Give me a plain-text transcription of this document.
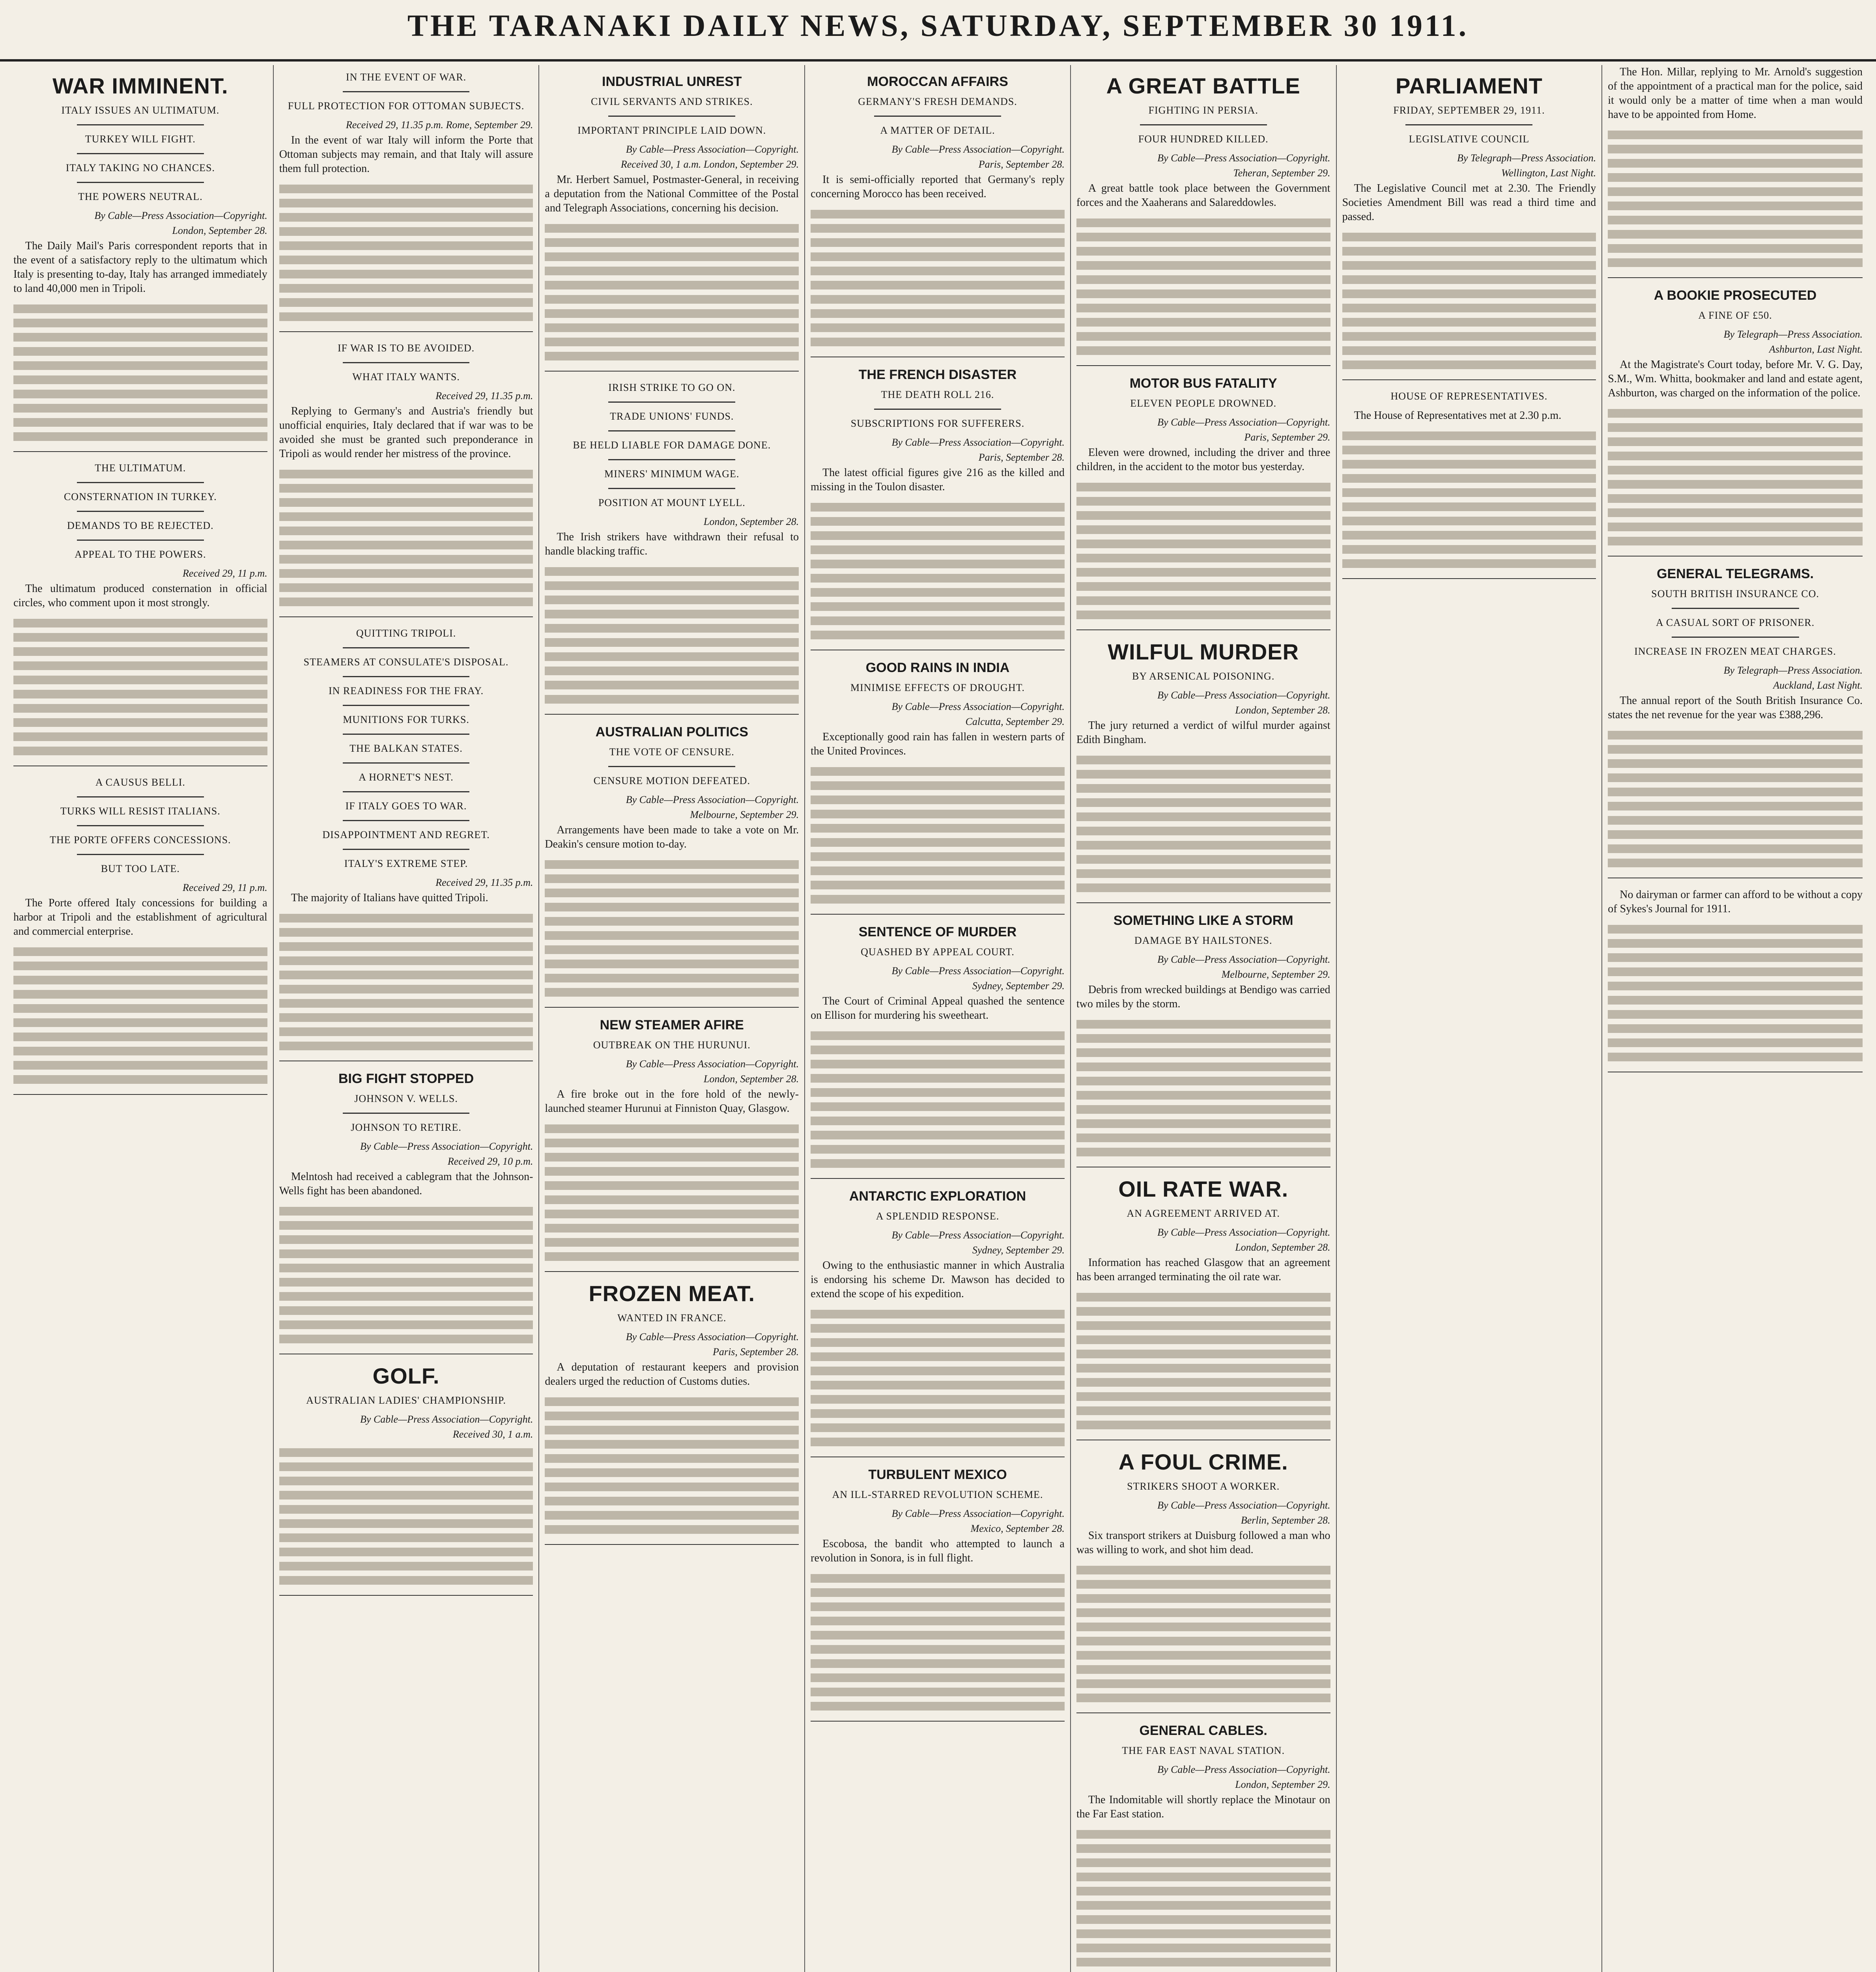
THE TARANAKI DAILY NEWS, SATURDAY, SEPTEMBER 30 1911.
WAR IMMINENT.
ITALY ISSUES AN ULTIMATUM.
TURKEY WILL FIGHT.
ITALY TAKING NO CHANCES.
THE POWERS NEUTRAL.
By Cable—Press Association—Copyright.
London, September 28.

The Daily Mail's Paris correspondent reports that in the event of a satisfactory reply to the ultimatum which Italy is presenting to-day, Italy has arranged immediately to land 40,000 men in Tripoli.

THE ULTIMATUM.
CONSTERNATION IN TURKEY.
DEMANDS TO BE REJECTED.
APPEAL TO THE POWERS.
Received 29, 11 p.m.

The ultimatum produced consternation in official circles, who comment upon it most strongly.

A CAUSUS BELLI.
TURKS WILL RESIST ITALIANS.
THE PORTE OFFERS CONCESSIONS.
BUT TOO LATE.
Received 29, 11 p.m.

The Porte offered Italy concessions for building a harbor at Tripoli and the establishment of agricultural and commercial enterprise.

IN THE EVENT OF WAR.
FULL PROTECTION FOR OTTOMAN SUBJECTS.
Received 29, 11.35 p.m. Rome, September 29.

In the event of war Italy will inform the Porte that Ottoman subjects may remain, and that Italy will assure them full protection.

IF WAR IS TO BE AVOIDED.
WHAT ITALY WANTS.
Received 29, 11.35 p.m.

Replying to Germany's and Austria's friendly but unofficial enquiries, Italy declared that if war was to be avoided she must be granted such preponderance in Tripoli as would render her mistress of the province.

QUITTING TRIPOLI.
STEAMERS AT CONSULATE'S DISPOSAL.
IN READINESS FOR THE FRAY.
MUNITIONS FOR TURKS.
THE BALKAN STATES.
A HORNET'S NEST.
IF ITALY GOES TO WAR.
DISAPPOINTMENT AND REGRET.
ITALY'S EXTREME STEP.
Received 29, 11.35 p.m.

The majority of Italians have quitted Tripoli.

BIG FIGHT STOPPED
JOHNSON V. WELLS.
JOHNSON TO RETIRE.
By Cable—Press Association—Copyright.
Received 29, 10 p.m.

Melntosh had received a cablegram that the Johnson-Wells fight has been abandoned.

GOLF.
AUSTRALIAN LADIES' CHAMPIONSHIP.
By Cable—Press Association—Copyright.
Received 30, 1 a.m.
INDUSTRIAL UNREST
CIVIL SERVANTS AND STRIKES.
IMPORTANT PRINCIPLE LAID DOWN.
By Cable—Press Association—Copyright.
Received 30, 1 a.m. London, September 29.

Mr. Herbert Samuel, Postmaster-General, in receiving a deputation from the National Committee of the Postal and Telegraph Associations, concerning his decision.

IRISH STRIKE TO GO ON.
TRADE UNIONS' FUNDS.
BE HELD LIABLE FOR DAMAGE DONE.
MINERS' MINIMUM WAGE.
POSITION AT MOUNT LYELL.
London, September 28.

The Irish strikers have withdrawn their refusal to handle blacking traffic.

AUSTRALIAN POLITICS
THE VOTE OF CENSURE.
CENSURE MOTION DEFEATED.
By Cable—Press Association—Copyright.
Melbourne, September 29.

Arrangements have been made to take a vote on Mr. Deakin's censure motion to-day.

NEW STEAMER AFIRE
OUTBREAK ON THE HURUNUI.
By Cable—Press Association—Copyright.
London, September 28.

A fire broke out in the fore hold of the newly-launched steamer Hurunui at Finniston Quay, Glasgow.

FROZEN MEAT.
WANTED IN FRANCE.
By Cable—Press Association—Copyright.
Paris, September 28.

A deputation of restaurant keepers and provision dealers urged the reduction of Customs duties.

MOROCCAN AFFAIRS
GERMANY'S FRESH DEMANDS.
A MATTER OF DETAIL.
By Cable—Press Association—Copyright.
Paris, September 28.

It is semi-officially reported that Germany's reply concerning Morocco has been received.

THE FRENCH DISASTER
THE DEATH ROLL 216.
SUBSCRIPTIONS FOR SUFFERERS.
By Cable—Press Association—Copyright.
Paris, September 28.

The latest official figures give 216 as the killed and missing in the Toulon disaster.

GOOD RAINS IN INDIA
MINIMISE EFFECTS OF DROUGHT.
By Cable—Press Association—Copyright.
Calcutta, September 29.

Exceptionally good rain has fallen in western parts of the United Provinces.

SENTENCE OF MURDER
QUASHED BY APPEAL COURT.
By Cable—Press Association—Copyright.
Sydney, September 29.

The Court of Criminal Appeal quashed the sentence on Ellison for murdering his sweetheart.

ANTARCTIC EXPLORATION
A SPLENDID RESPONSE.
By Cable—Press Association—Copyright.
Sydney, September 29.

Owing to the enthusiastic manner in which Australia is endorsing his scheme Dr. Mawson has decided to extend the scope of his expedition.

TURBULENT MEXICO
AN ILL-STARRED REVOLUTION SCHEME.
By Cable—Press Association—Copyright.
Mexico, September 28.

Escobosa, the bandit who attempted to launch a revolution in Sonora, is in full flight.

A GREAT BATTLE
FIGHTING IN PERSIA.
FOUR HUNDRED KILLED.
By Cable—Press Association—Copyright.
Teheran, September 29.

A great battle took place between the Government forces and the Xaaherans and Salareddowles.

MOTOR BUS FATALITY
ELEVEN PEOPLE DROWNED.
By Cable—Press Association—Copyright.
Paris, September 29.

Eleven were drowned, including the driver and three children, in the accident to the motor bus yesterday.

WILFUL MURDER
BY ARSENICAL POISONING.
By Cable—Press Association—Copyright.
London, September 28.

The jury returned a verdict of wilful murder against Edith Bingham.

SOMETHING LIKE A STORM
DAMAGE BY HAILSTONES.
By Cable—Press Association—Copyright.
Melbourne, September 29.

Debris from wrecked buildings at Bendigo was carried two miles by the storm.

OIL RATE WAR.
AN AGREEMENT ARRIVED AT.
By Cable—Press Association—Copyright.
London, September 28.

Information has reached Glasgow that an agreement has been arranged terminating the oil rate war.

A FOUL CRIME.
STRIKERS SHOOT A WORKER.
By Cable—Press Association—Copyright.
Berlin, September 28.

Six transport strikers at Duisburg followed a man who was willing to work, and shot him dead.

GENERAL CABLES.
THE FAR EAST NAVAL STATION.
By Cable—Press Association—Copyright.
London, September 29.

The Indomitable will shortly replace the Minotaur on the Far East station.

PARLIAMENT
FRIDAY, SEPTEMBER 29, 1911.
LEGISLATIVE COUNCIL
By Telegraph—Press Association.
Wellington, Last Night.

The Legislative Council met at 2.30. The Friendly Societies Amendment Bill was read a third time and passed.

HOUSE OF REPRESENTATIVES.

The House of Representatives met at 2.30 p.m.

The Hon. Millar, replying to Mr. Arnold's suggestion of the appointment of a practical man for the police, said it would only be a matter of time when a man would have to be appointed from Home.

A BOOKIE PROSECUTED
A FINE OF £50.
By Telegraph—Press Association.
Ashburton, Last Night.

At the Magistrate's Court today, before Mr. V. G. Day, S.M., Wm. Whitta, bookmaker and land and estate agent, Ashburton, was charged on the information of the police.

GENERAL TELEGRAMS.
SOUTH BRITISH INSURANCE CO.
A CASUAL SORT OF PRISONER.
INCREASE IN FROZEN MEAT CHARGES.
By Telegraph—Press Association.
Auckland, Last Night.

The annual report of the South British Insurance Co. states the net revenue for the year was £388,296.

No dairyman or farmer can afford to be without a copy of Sykes's Journal for 1911.
